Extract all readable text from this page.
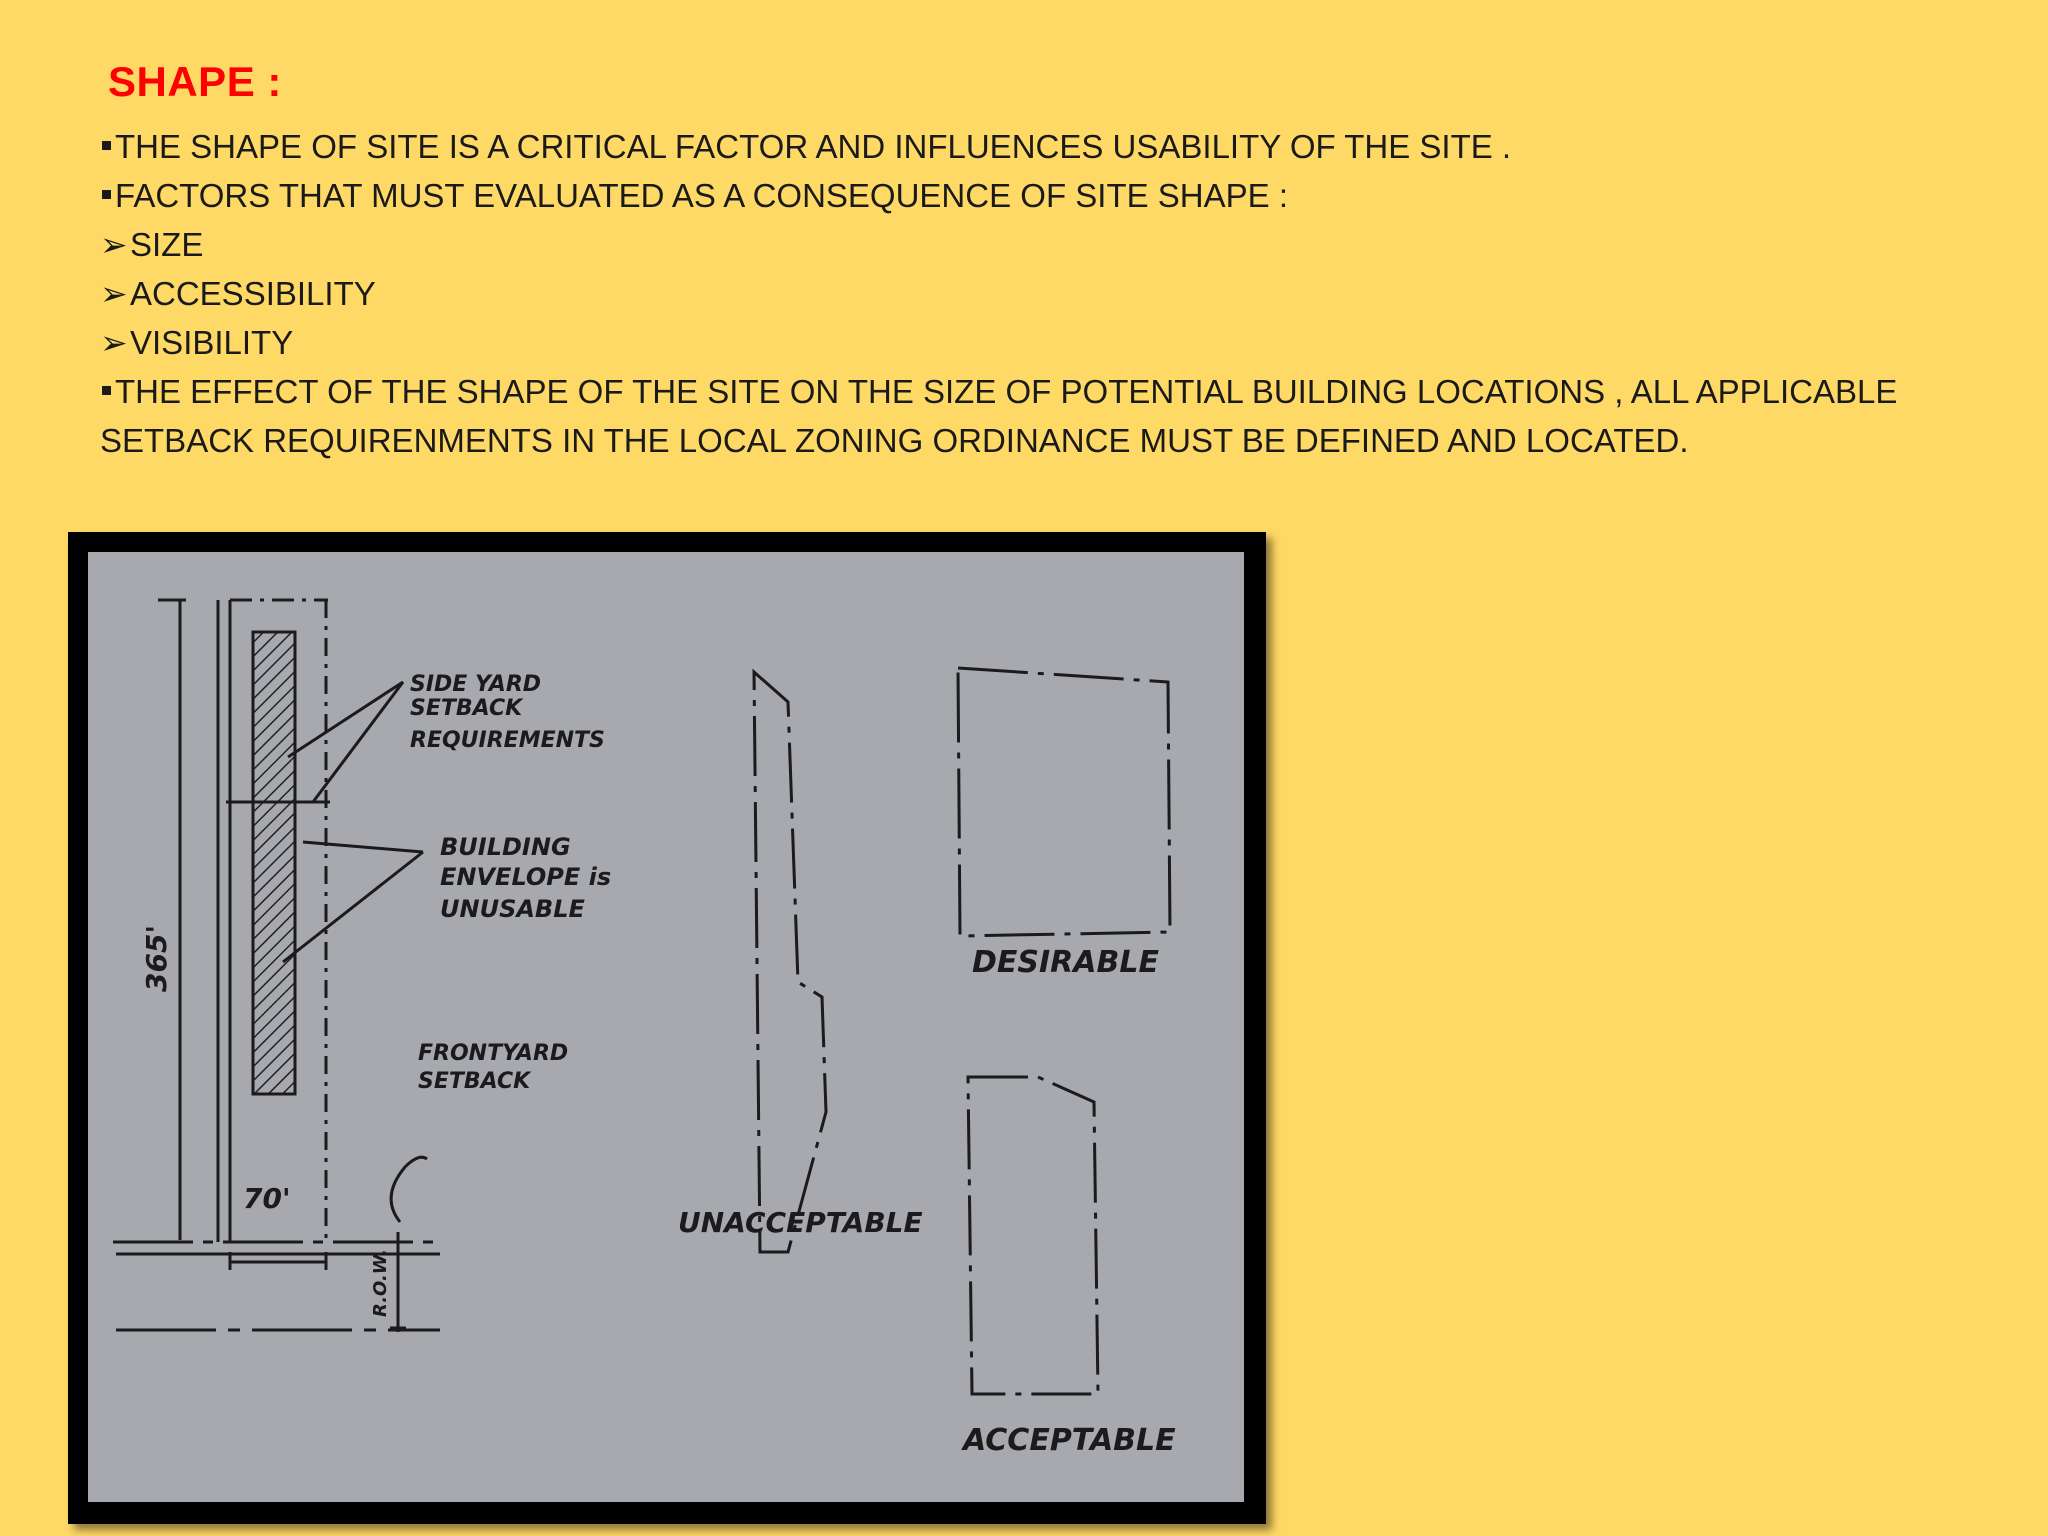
SHAPE :
THE SHAPE OF SITE IS A CRITICAL FACTOR AND INFLUENCES USABILITY OF THE SITE .
FACTORS THAT MUST EVALUATED AS A CONSEQUENCE OF SITE SHAPE :
➢SIZE
➢ACCESSIBILITY
➢VISIBILITY
THE EFFECT OF THE SHAPE OF THE SITE ON THE SIZE OF POTENTIAL BUILDING LOCATIONS , ALL APPLICABLE SETBACK REQUIRENMENTS IN THE LOCAL ZONING ORDINANCE MUST BE DEFINED AND LOCATED.
SIDE YARD
SETBACK
REQUIREMENTS
BUILDING
ENVELOPE is
UNUSABLE
FRONTYARD
SETBACK
365'
70'
R.O.W.
UNACCEPTABLE
DESIRABLE
ACCEPTABLE
